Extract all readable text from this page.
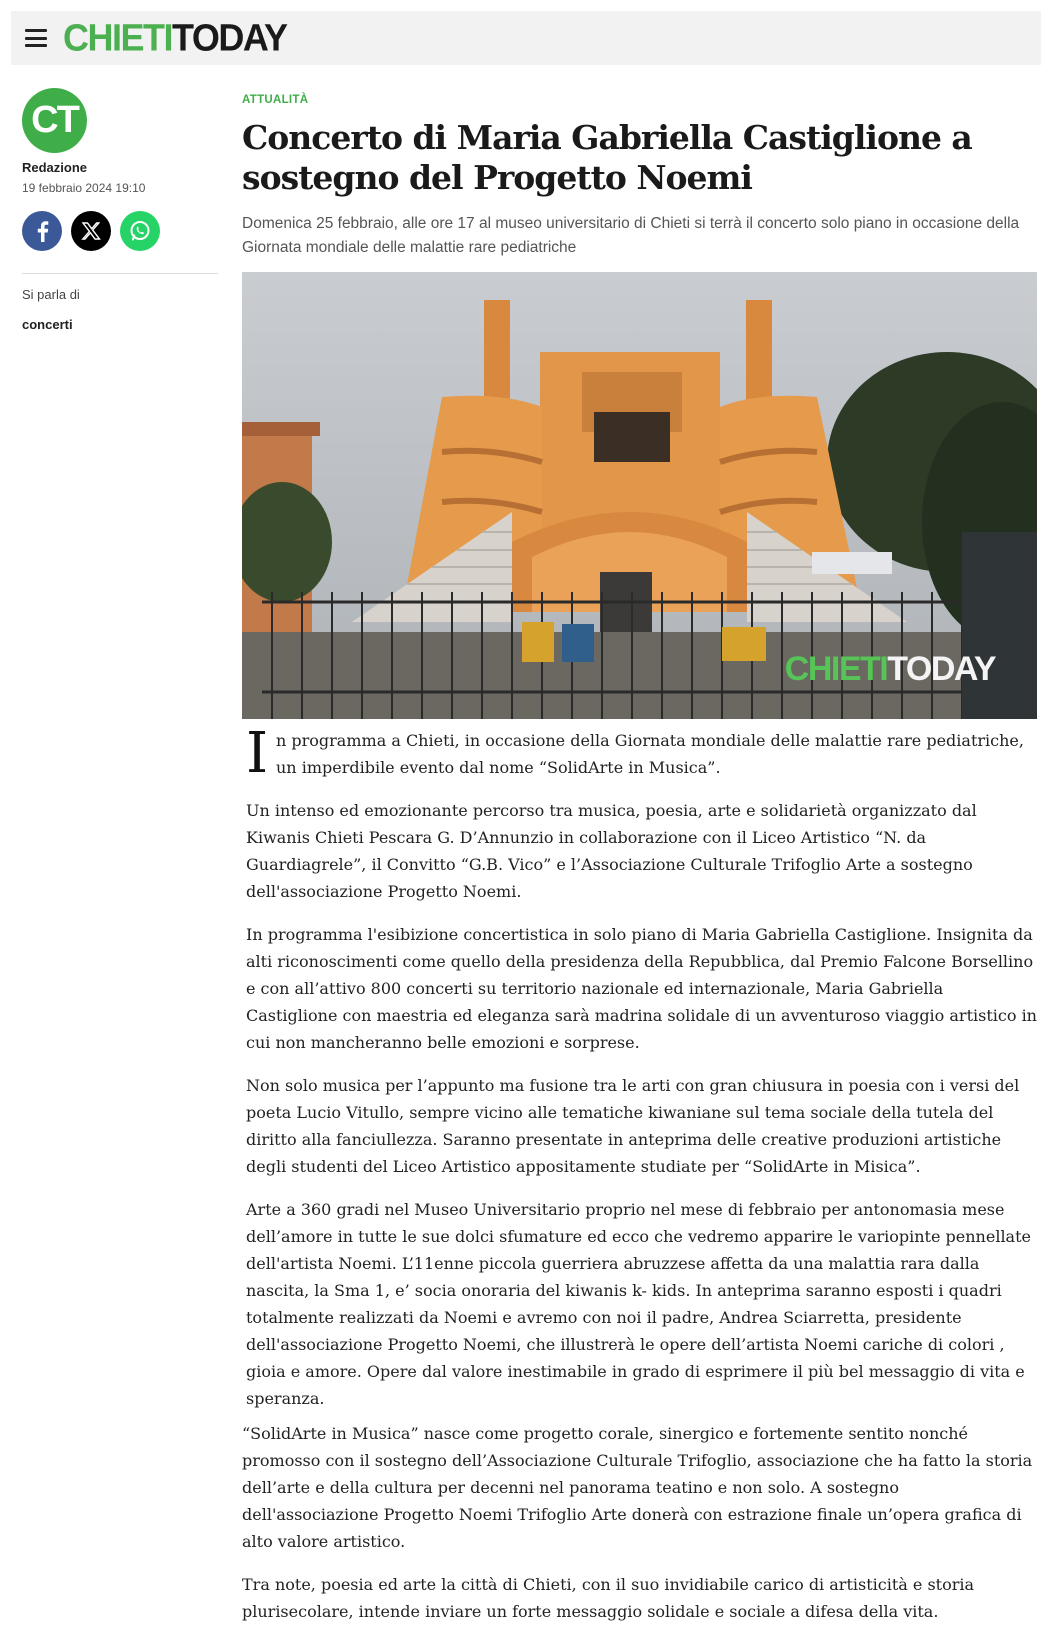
CHIETITODAY
CT
Redazione
19 febbraio 2024 19:10
Si parla di
concerti
ATTUALITÀ
Concerto di Maria Gabriella Castiglione a sostegno del Progetto Noemi

Domenica 25 febbraio, alle ore 17 al museo universitario di Chieti si terrà il concerto solo piano in occasione della Giornata mondiale delle malattie rare pediatriche

CHIETITODAY

I n programma a Chieti, in occasione della Giornata mondiale delle malattie rare pediatriche, un imperdibile evento dal nome “SolidArte in Musica”.

Un intenso ed emozionante percorso tra musica, poesia, arte e solidarietà organizzato dal Kiwanis Chieti Pescara G. D’Annunzio in collaborazione con il Liceo Artistico “N. da Guardiagrele”, il Convitto “G.B. Vico” e l’Associazione Culturale Trifoglio Arte a sostegno dell'associazione Progetto Noemi.

In programma l'esibizione concertistica in solo piano di Maria Gabriella Castiglione. Insignita da alti riconoscimenti come quello della presidenza della Repubblica, dal Premio Falcone Borsellino e con all’attivo 800 concerti su territorio nazionale ed internazionale, Maria Gabriella Castiglione con maestria ed eleganza sarà madrina solidale di un avventuroso viaggio artistico in cui non mancheranno belle emozioni e sorprese.

Non solo musica per l’appunto ma fusione tra le arti con gran chiusura in poesia con i versi del poeta Lucio Vitullo, sempre vicino alle tematiche kiwaniane sul tema sociale della tutela del diritto alla fanciullezza. Saranno presentate in anteprima delle creative produzioni artistiche degli studenti del Liceo Artistico appositamente studiate per “SolidArte in Misica”.

Arte a 360 gradi nel Museo Universitario proprio nel mese di febbraio per antonomasia mese dell’amore in tutte le sue dolci sfumature ed ecco che vedremo apparire le variopinte pennellate dell'artista Noemi. L’11enne piccola guerriera abruzzese affetta da una malattia rara dalla nascita, la Sma 1, e’ socia onoraria del kiwanis k- kids. In anteprima saranno esposti i quadri totalmente realizzati da Noemi e avremo con noi il padre, Andrea Sciarretta, presidente dell'associazione Progetto Noemi, che illustrerà le opere dell’artista Noemi cariche di colori , gioia e amore. Opere dal valore inestimabile in grado di esprimere il più bel messaggio di vita e speranza.

“SolidArte in Musica” nasce come progetto corale, sinergico e fortemente sentito nonché promosso con il sostegno dell’Associazione Culturale Trifoglio, associazione che ha fatto la storia dell’arte e della cultura per decenni nel panorama teatino e non solo. A sostegno dell'associazione Progetto Noemi Trifoglio Arte donerà con estrazione finale un’opera grafica di alto valore artistico.

Tra note, poesia ed arte la città di Chieti, con il suo invidiabile carico di artisticità e storia plurisecolare, intende inviare un forte messaggio solidale e sociale a difesa della vita.
